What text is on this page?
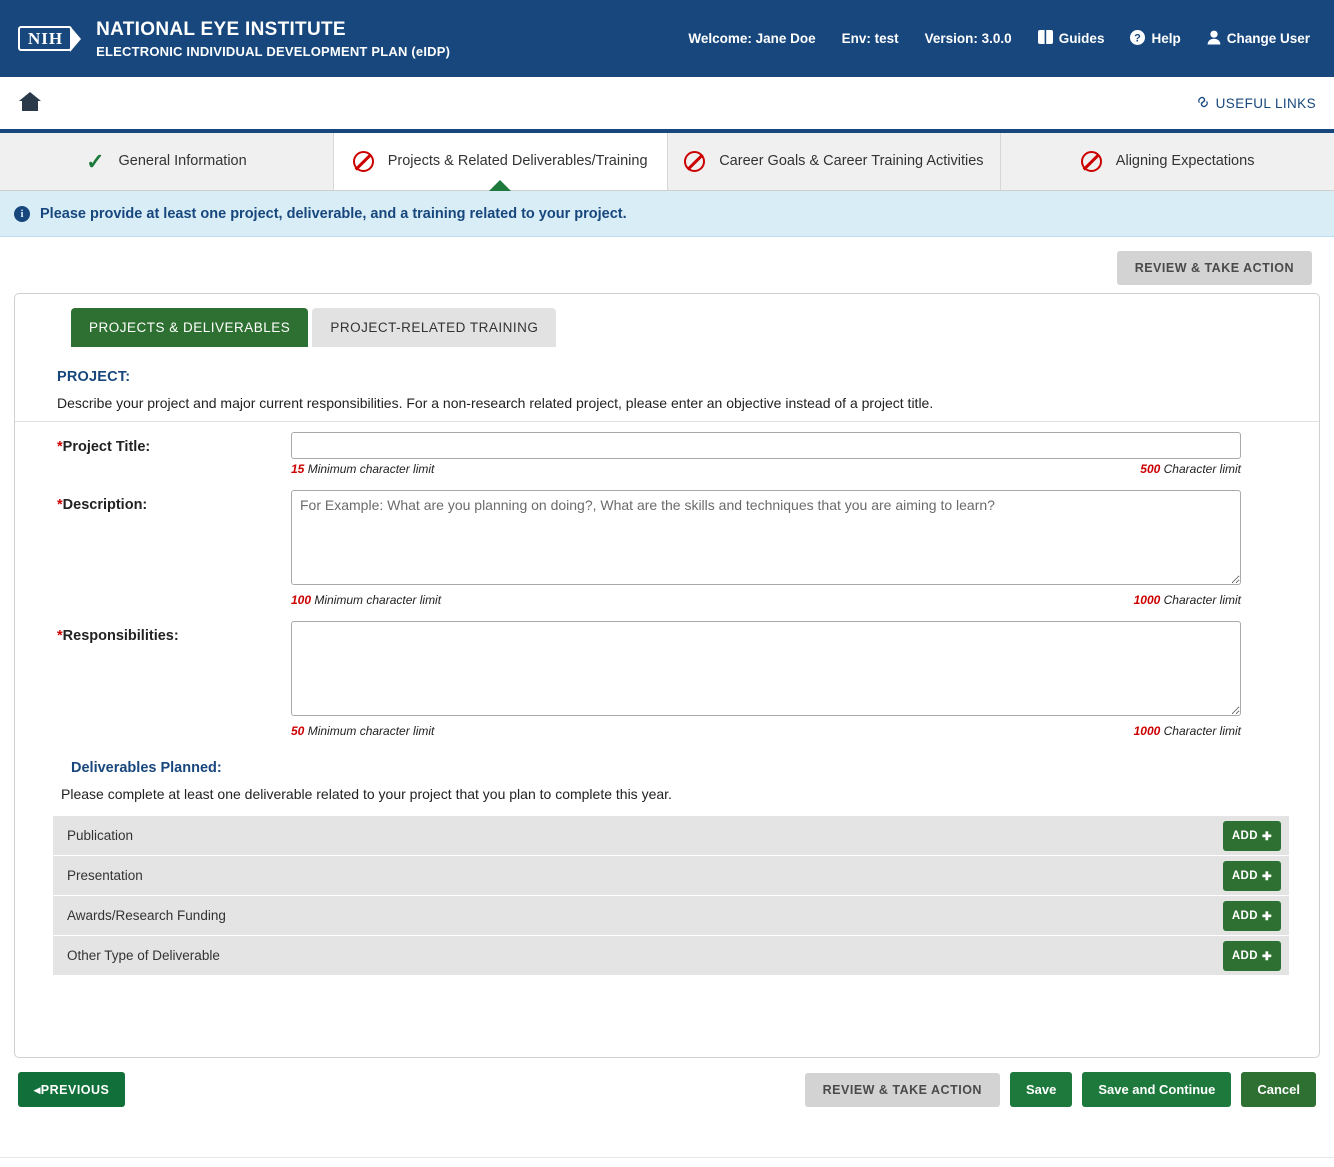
NIH	NATIONAL EYE INSTITUTE
ELECTRONIC INDIVIDUAL DEVELOPMENT PLAN (eIDP)
Welcome: Jane Doe Env: test Version: 3.0.0	Guides	? Help	Change User
USEFUL LINKS
✓ General Information	Projects & Related Deliverables/Training	Career Goals & Career Training Activities	Aligning Expectations
i	Please provide at least one project, deliverable, and a training related to your project.
REVIEW & TAKE ACTION
PROJECTS & DELIVERABLES	PROJECT-RELATED TRAINING
PROJECT:
Describe your project and major current responsibilities. For a non-research related project, please enter an objective instead of a project title.
*Project Title:
15 Minimum character limit	500 Character limit
*Description:
For Example: What are you planning on doing?, What are the skills and techniques that you are aiming to learn?
100 Minimum character limit	1000 Character limit
*Responsibilities:
50 Minimum character limit	1000 Character limit
Deliverables Planned:
Please complete at least one deliverable related to your project that you plan to complete this year.
Publication	ADD ✚
Presentation	ADD ✚
Awards/Research Funding	ADD ✚
Other Type of Deliverable	ADD ✚
◂PREVIOUS	REVIEW & TAKE ACTION	Save	Save and Continue	Cancel
